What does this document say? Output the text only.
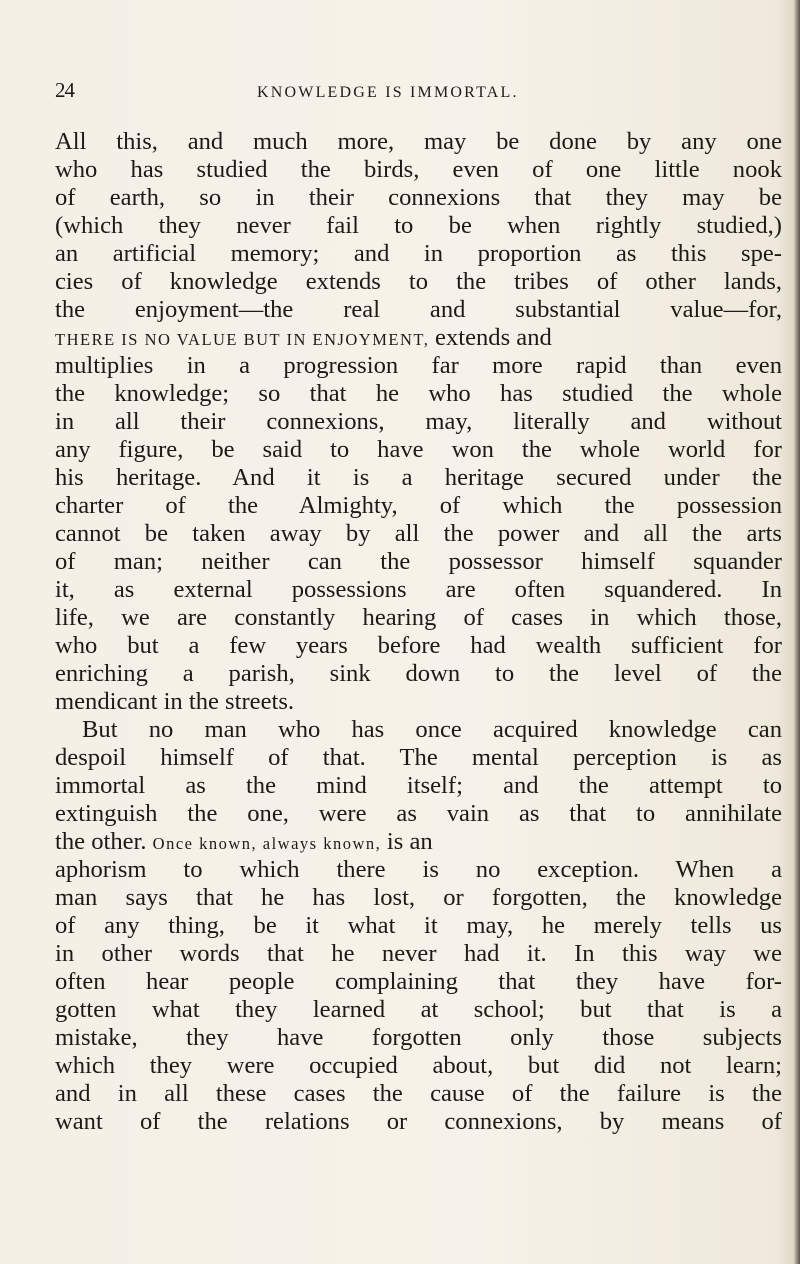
24	KNOWLEDGE IS IMMORTAL.
All this, and much more, may be done by any one
who has studied the birds, even of one little nook
of earth, so in their connexions that they may be
(which they never fail to be when rightly studied,)
an artificial memory; and in proportion as this spe-
cies of knowledge extends to the tribes of other lands,
the enjoyment—the real and substantial value—for,
THERE IS NO VALUE BUT IN ENJOYMENT, extends and
multiplies in a progression far more rapid than even
the knowledge; so that he who has studied the whole
in all their connexions, may, literally and without
any figure, be said to have won the whole world for
his heritage. And it is a heritage secured under the
charter of the Almighty, of which the possession
cannot be taken away by all the power and all the arts
of man; neither can the possessor himself squander
it, as external possessions are often squandered. In
life, we are constantly hearing of cases in which those,
who but a few years before had wealth sufficient for
enriching a parish, sink down to the level of the
mendicant in the streets.
But no man who has once acquired knowledge can
despoil himself of that. The mental perception is as
immortal as the mind itself; and the attempt to
extinguish the one, were as vain as that to annihilate
the other. Once known, always known, is an
aphorism to which there is no exception. When a
man says that he has lost, or forgotten, the knowledge
of any thing, be it what it may, he merely tells us
in other words that he never had it. In this way we
often hear people complaining that they have for-
gotten what they learned at school; but that is a
mistake, they have forgotten only those subjects
which they were occupied about, but did not learn;
and in all these cases the cause of the failure is the
want of the relations or connexions, by means of
